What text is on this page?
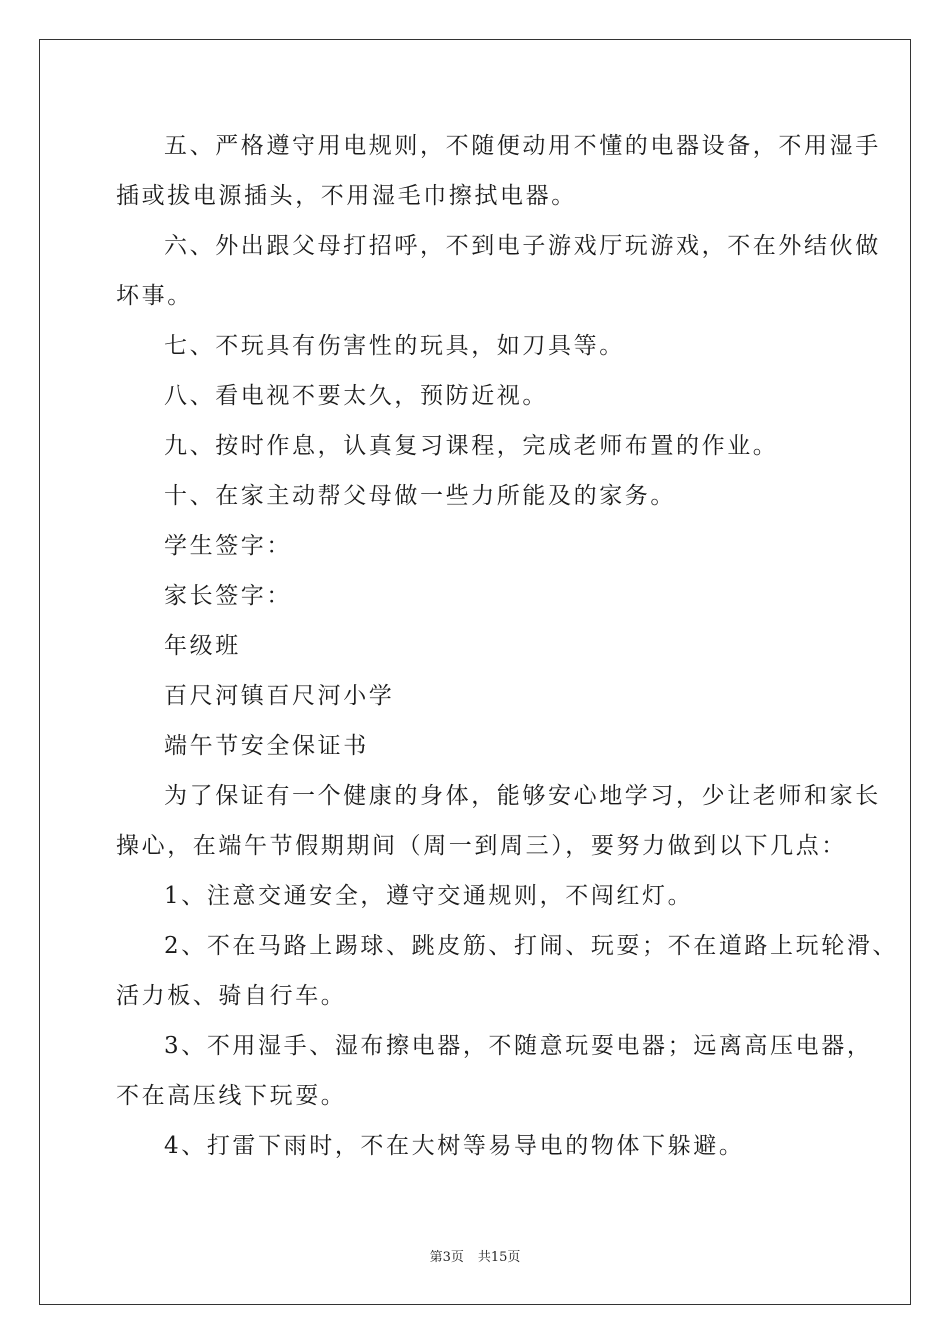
五、严格遵守用电规则，不随便动用不懂的电器设备，不用湿手
插或拔电源插头，不用湿毛巾擦拭电器。
六、外出跟父母打招呼，不到电子游戏厅玩游戏，不在外结伙做
坏事。
七、不玩具有伤害性的玩具，如刀具等。
八、看电视不要太久，预防近视。
九、按时作息，认真复习课程，完成老师布置的作业。
十、在家主动帮父母做一些力所能及的家务。
学生签字：
家长签字：
年级班
百尺河镇百尺河小学
端午节安全保证书
为了保证有一个健康的身体，能够安心地学习，少让老师和家长
操心，在端午节假期期间（周一到周三），要努力做到以下几点：
1、注意交通安全，遵守交通规则，不闯红灯。
2、不在马路上踢球、跳皮筋、打闹、玩耍；不在道路上玩轮滑、
活力板、骑自行车。
3、不用湿手、湿布擦电器，不随意玩耍电器；远离高压电器，
不在高压线下玩耍。
4、打雷下雨时，不在大树等易导电的物体下躲避。
第3页 共15页
